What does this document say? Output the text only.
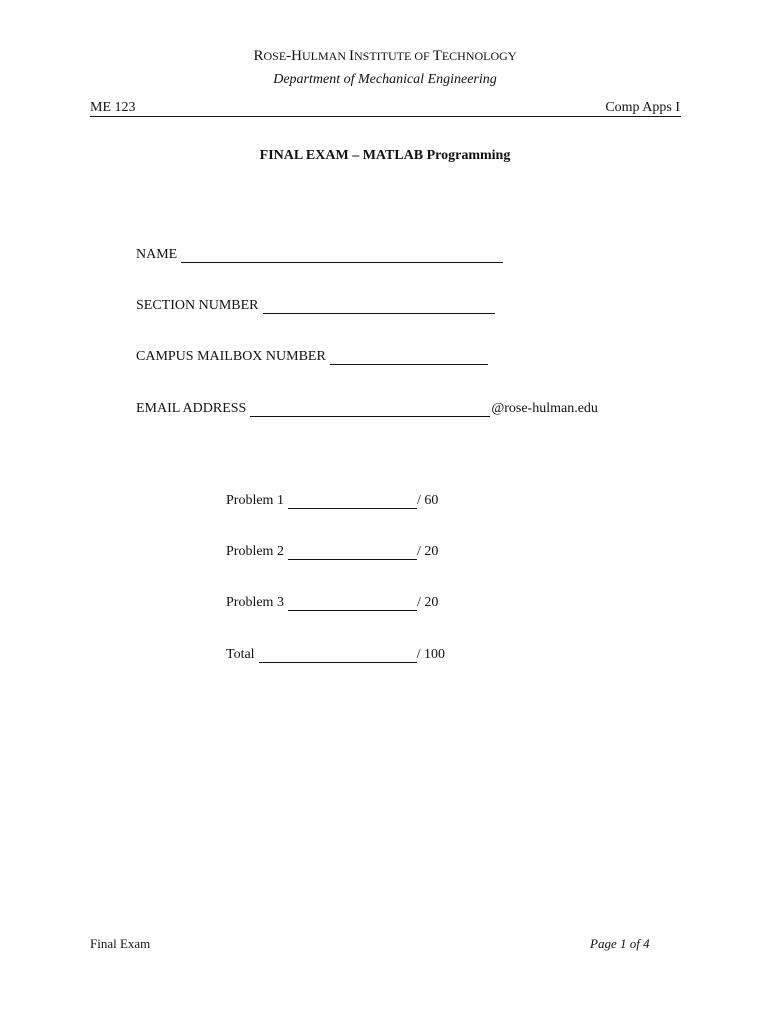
ROSE-HULMAN INSTITUTE OF TECHNOLOGY
Department of Mechanical Engineering
ME 123	Comp Apps I
FINAL EXAM – MATLAB Programming
NAME
SECTION NUMBER
CAMPUS MAILBOX NUMBER
EMAIL ADDRESS	@rose-hulman.edu
Problem 1	/ 60
Problem 2	/ 20
Problem 3	/ 20
Total	/ 100
Final Exam	Page 1 of 4
